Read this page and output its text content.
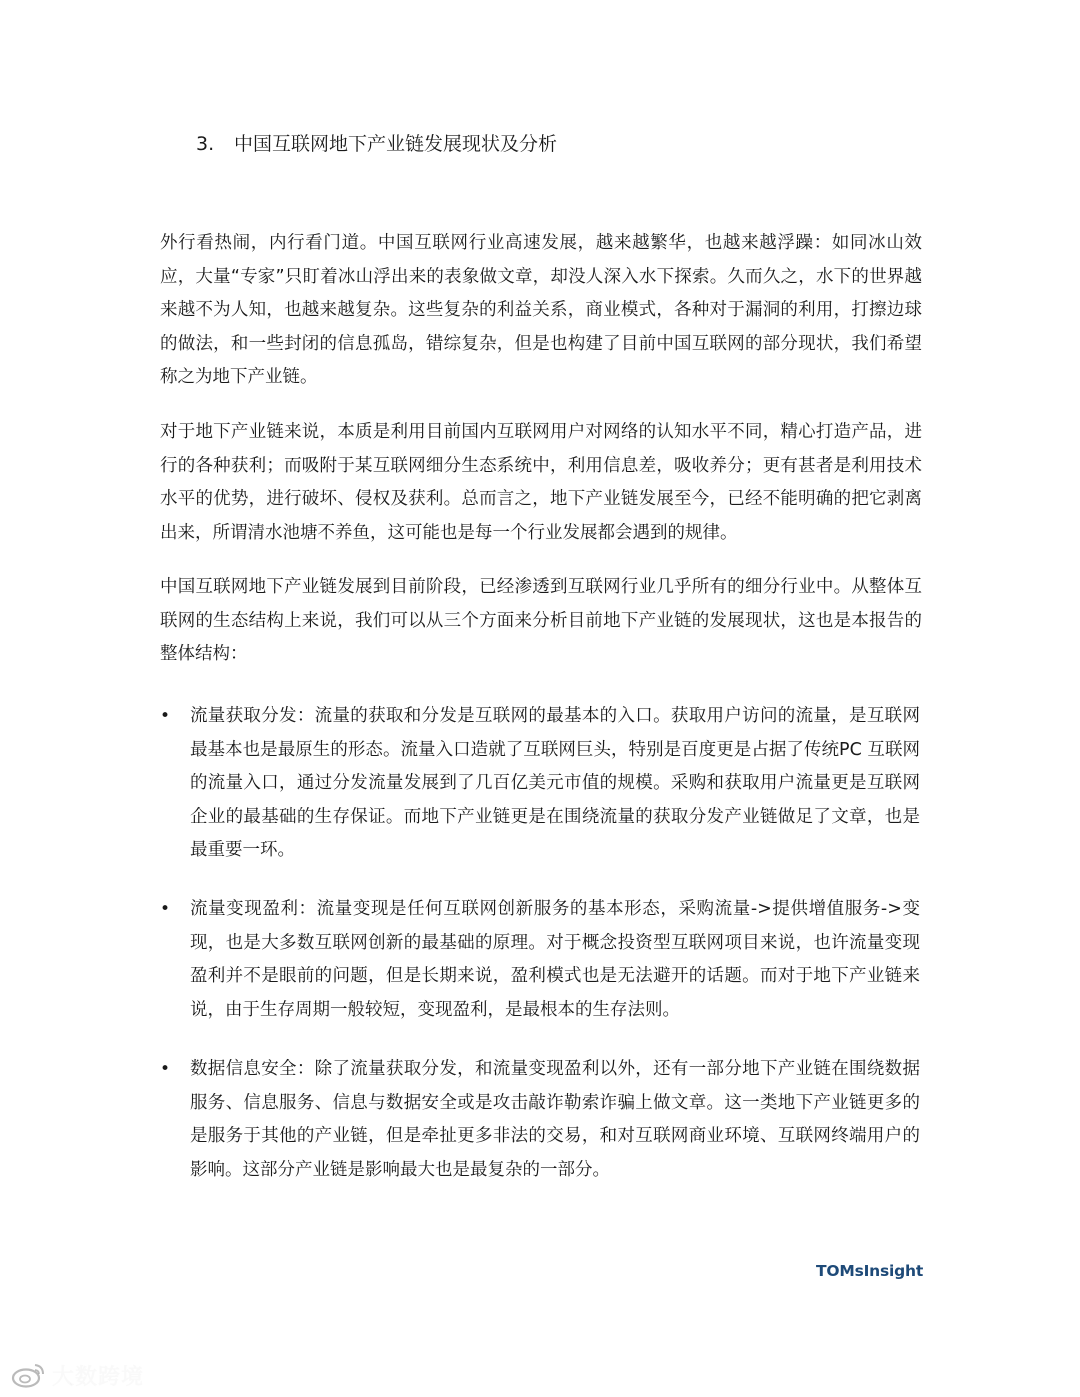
3. 中国互联网地下产业链发展现状及分析
外行看热闹，内行看门道。中国互联网行业高速发展，越来越繁华，也越来越浮躁：如同冰山效应，大量“专家”只盯着冰山浮出来的表象做文章，却没人深入水下探索。久而久之，水下的世界越来越不为人知，也越来越复杂。这些复杂的利益关系，商业模式，各种对于漏洞的利用，打擦边球的做法，和一些封闭的信息孤岛，错综复杂，但是也构建了目前中国互联网的部分现状，我们希望称之为地下产业链。
对于地下产业链来说，本质是利用目前国内互联网用户对网络的认知水平不同，精心打造产品，进行的各种获利；而吸附于某互联网细分生态系统中，利用信息差，吸收养分；更有甚者是利用技术水平的优势，进行破坏、侵权及获利。总而言之，地下产业链发展至今，已经不能明确的把它剥离出来，所谓清水池塘不养鱼，这可能也是每一个行业发展都会遇到的规律。
中国互联网地下产业链发展到目前阶段，已经渗透到互联网行业几乎所有的细分行业中。从整体互联网的生态结构上来说，我们可以从三个方面来分析目前地下产业链的发展现状，这也是本报告的整体结构：
•	流量获取分发：流量的获取和分发是互联网的最基本的入口。获取用户访问的流量，是互联网最基本也是最原生的形态。流量入口造就了互联网巨头，特别是百度更是占据了传统PC 互联网的流量入口，通过分发流量发展到了几百亿美元市值的规模。采购和获取用户流量更是互联网企业的最基础的生存保证。而地下产业链更是在围绕流量的获取分发产业链做足了文章，也是最重要一环。
•	流量变现盈利：流量变现是任何互联网创新服务的基本形态，采购流量->提供增值服务->变现，也是大多数互联网创新的最基础的原理。对于概念投资型互联网项目来说，也许流量变现盈利并不是眼前的问题，但是长期来说，盈利模式也是无法避开的话题。而对于地下产业链来说，由于生存周期一般较短，变现盈利，是最根本的生存法则。
•	数据信息安全：除了流量获取分发，和流量变现盈利以外，还有一部分地下产业链在围绕数据服务、信息服务、信息与数据安全或是攻击敲诈勒索诈骗上做文章。这一类地下产业链更多的是服务于其他的产业链，但是牵扯更多非法的交易，和对互联网商业环境、互联网终端用户的影响。这部分产业链是影响最大也是最复杂的一部分。
TOMsInsight
大数跨境
